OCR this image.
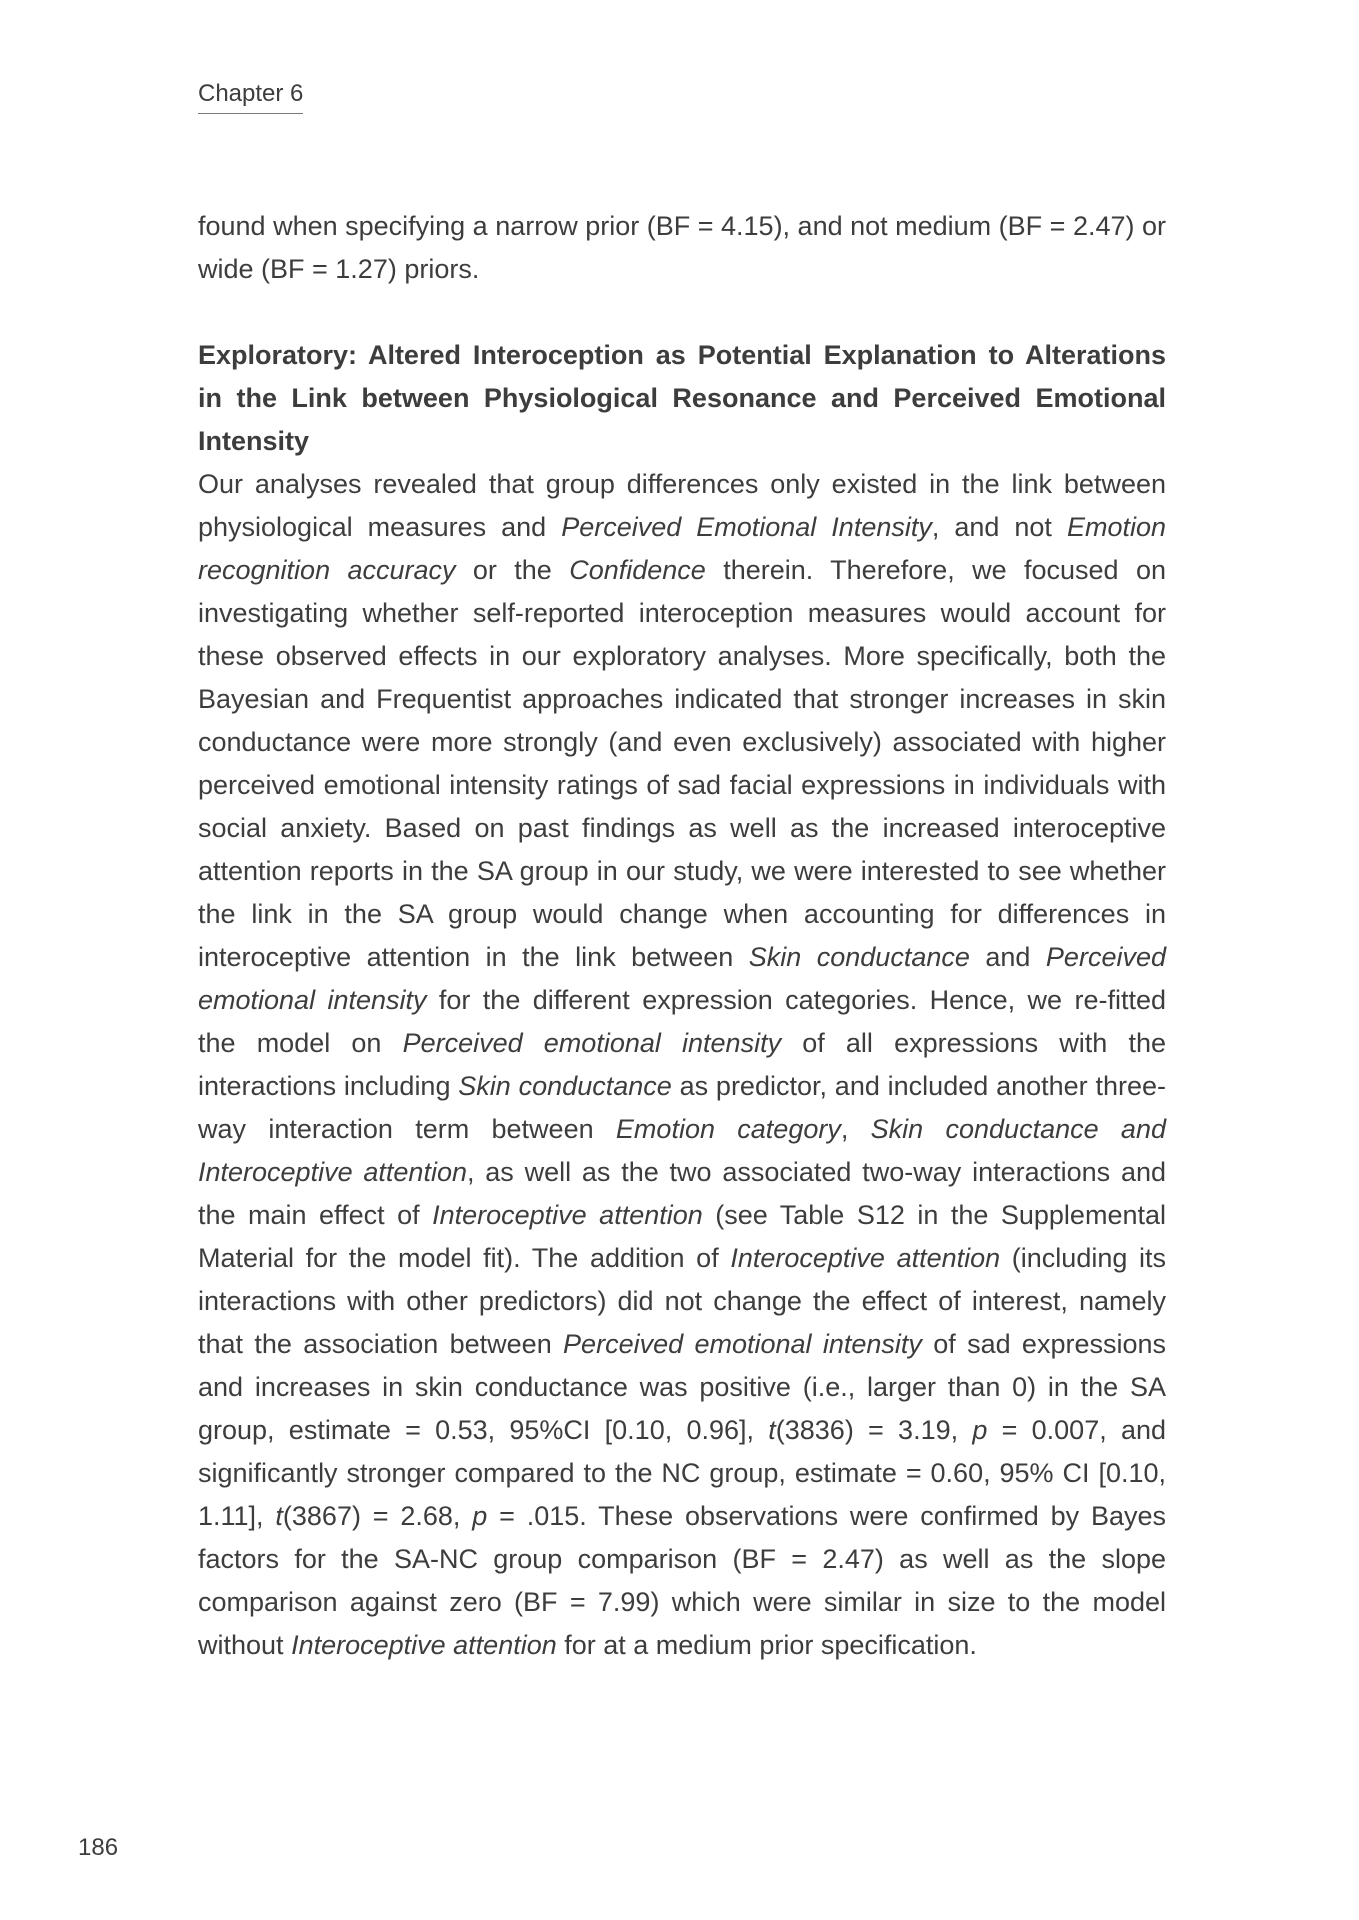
Chapter 6

found when specifying a narrow prior (BF = 4.15), and not medium (BF = 2.47) or wide (BF = 1.27) priors.

Exploratory: Altered Interoception as Potential Explanation to Alterations in the Link between Physiological Resonance and Perceived Emotional Intensity

Our analyses revealed that group differences only existed in the link between physiological measures and Perceived Emotional Intensity, and not Emotion recognition accuracy or the Confidence therein. Therefore, we focused on investigating whether self-reported interoception measures would account for these observed effects in our exploratory analyses. More specifically, both the Bayesian and Frequentist approaches indicated that stronger increases in skin conductance were more strongly (and even exclusively) associated with higher perceived emotional intensity ratings of sad facial expressions in individuals with social anxiety. Based on past findings as well as the increased interoceptive attention reports in the SA group in our study, we were interested to see whether the link in the SA group would change when accounting for differences in interoceptive attention in the link between Skin conductance and Perceived emotional intensity for the different expression categories. Hence, we re-fitted the model on Perceived emotional intensity of all expressions with the interactions including Skin conductance as predictor, and included another three-way interaction term between Emotion category, Skin conductance and Interoceptive attention, as well as the two associated two-way interactions and the main effect of Interoceptive attention (see Table S12 in the Supplemental Material for the model fit). The addition of Interoceptive attention (including its interactions with other predictors) did not change the effect of interest, namely that the association between Perceived emotional intensity of sad expressions and increases in skin conductance was positive (i.e., larger than 0) in the SA group, estimate = 0.53, 95%CI [0.10, 0.96], t(3836) = 3.19, p = 0.007, and significantly stronger compared to the NC group, estimate = 0.60, 95% CI [0.10, 1.11], t(3867) = 2.68, p = .015. These observations were confirmed by Bayes factors for the SA-NC group comparison (BF = 2.47) as well as the slope comparison against zero (BF = 7.99) which were similar in size to the model without Interoceptive attention for at a medium prior specification.

186
